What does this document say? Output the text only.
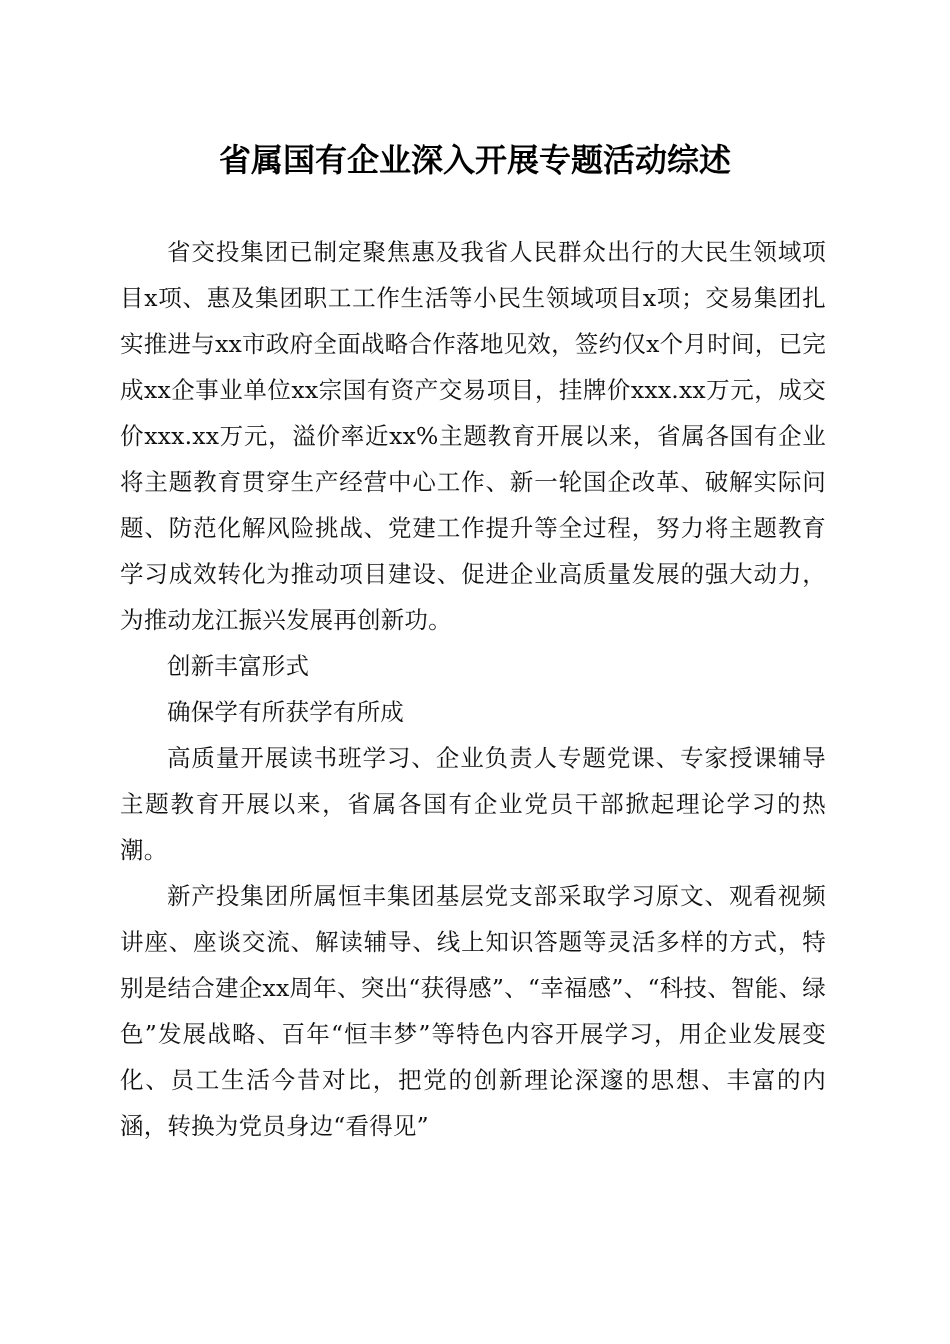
省属国有企业深入开展专题活动综述

省交投集团已制定聚焦惠及我省人民群众出行的大民生领域项目x项、惠及集团职工工作生活等小民生领域项目x项；交易集团扎实推进与xx市政府全面战略合作落地见效，签约仅x个月时间，已完成xx企事业单位xx宗国有资产交易项目，挂牌价xxx.xx万元，成交价xxx.xx万元，溢价率近xx%主题教育开展以来，省属各国有企业将主题教育贯穿生产经营中心工作、新一轮国企改革、破解实际问题、防范化解风险挑战、党建工作提升等全过程，努力将主题教育学习成效转化为推动项目建设、促进企业高质量发展的强大动力，为推动龙江振兴发展再创新功。

创新丰富形式

确保学有所获学有所成

高质量开展读书班学习、企业负责人专题党课、专家授课辅导主题教育开展以来，省属各国有企业党员干部掀起理论学习的热潮。

新产投集团所属恒丰集团基层党支部采取学习原文、观看视频讲座、座谈交流、解读辅导、线上知识答题等灵活多样的方式，特别是结合建企xx周年、突出“获得感”、“幸福感”、“科技、智能、绿色”发展战略、百年“恒丰梦”等特色内容开展学习，用企业发展变化、员工生活今昔对比，把党的创新理论深邃的思想、丰富的内涵，转换为党员身边“看得见”
